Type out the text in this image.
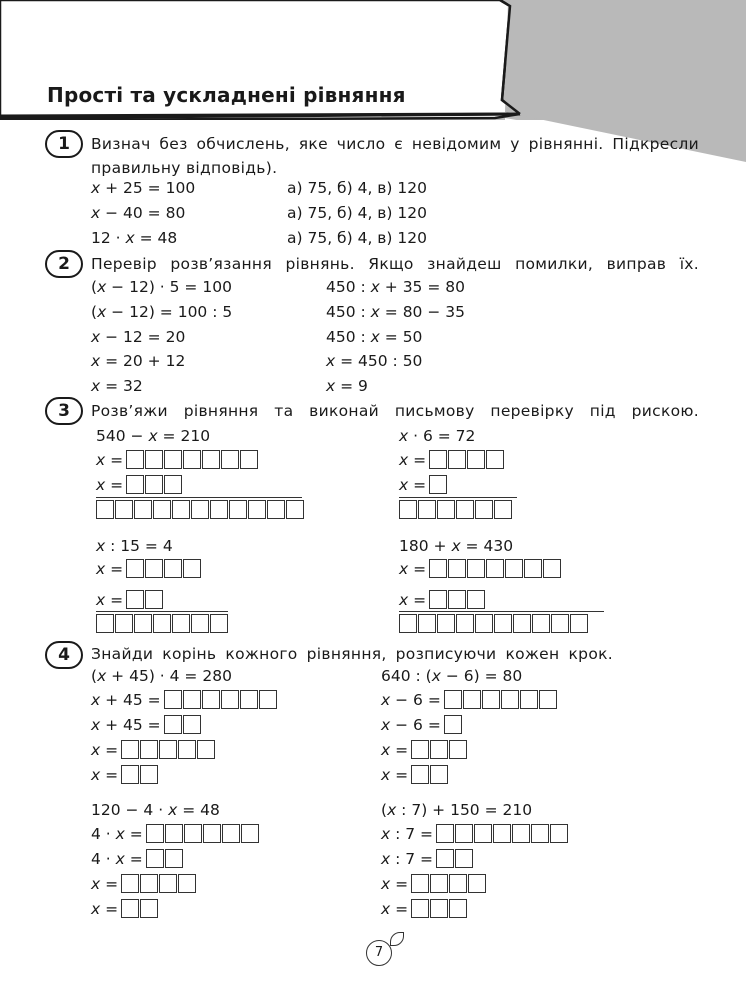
Прості та ускладнені рівняння
1	Визнач без обчислень, яке число є невідомим у рівнянні. Підкресли
правильну відповідь).
x + 25 = 100	а) 75, б) 4, в) 120
x − 40 = 80	а) 75, б) 4, в) 120
12 · x = 48	а) 75, б) 4, в) 120
2	Перевір розв’язання рівнянь. Якщо знайдеш помилки, виправ їх.
(x − 12) · 5 = 100
(x − 12) = 100 : 5
x − 12 = 20
x = 20 + 12
x = 32
450 : x + 35 = 80
450 : x = 80 − 35
450 : x = 50
x = 450 : 50
x = 9
3	Розв’яжи рівняння та виконай письмову перевірку під рискою.
540 − x = 210
x =
x =
x · 6 = 72
x =
x =
x : 15 = 4
x =
x =
180 + x = 430
x =
x =
4	Знайди корінь кожного рівняння, розписуючи кожен крок.
(x + 45) · 4 = 280
x + 45 =
x + 45 =
x =
x =
640 : (x − 6) = 80
x − 6 =
x − 6 =
x =
x =
120 − 4 · x = 48
4 · x =
4 · x =
x =
x =
(x : 7) + 150 = 210
x : 7 =
x : 7 =
x =
x =
7
